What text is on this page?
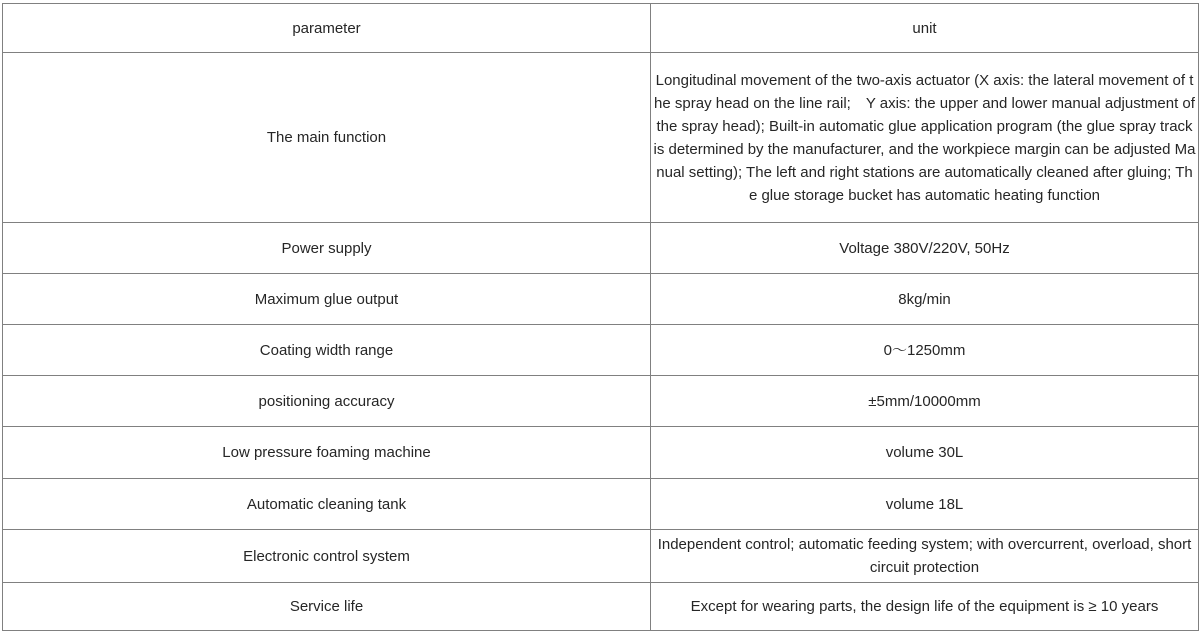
parameter	unit
The main function	Longitudinal movement of the two-axis actuator (X axis: the lateral movement of the spray head on the line rail;　Y axis: the upper and lower manual adjustment of the spray head); Built-in automatic glue application program (the glue spray track is determined by the manufacturer, and the workpiece margin can be adjusted Manual setting); The left and right stations are automatically cleaned after gluing; The glue storage bucket has automatic heating function
Power supply	Voltage 380V/220V, 50Hz
Maximum glue output	8kg/min
Coating width range	0～1250mm
positioning accuracy	±5mm/10000mm
Low pressure foaming machine	volume 30L
Automatic cleaning tank	volume 18L
Electronic control system	Independent control; automatic feeding system; with overcurrent, overload, short circuit protection
Service life	Except for wearing parts, the design life of the equipment is ≥ 10 years
